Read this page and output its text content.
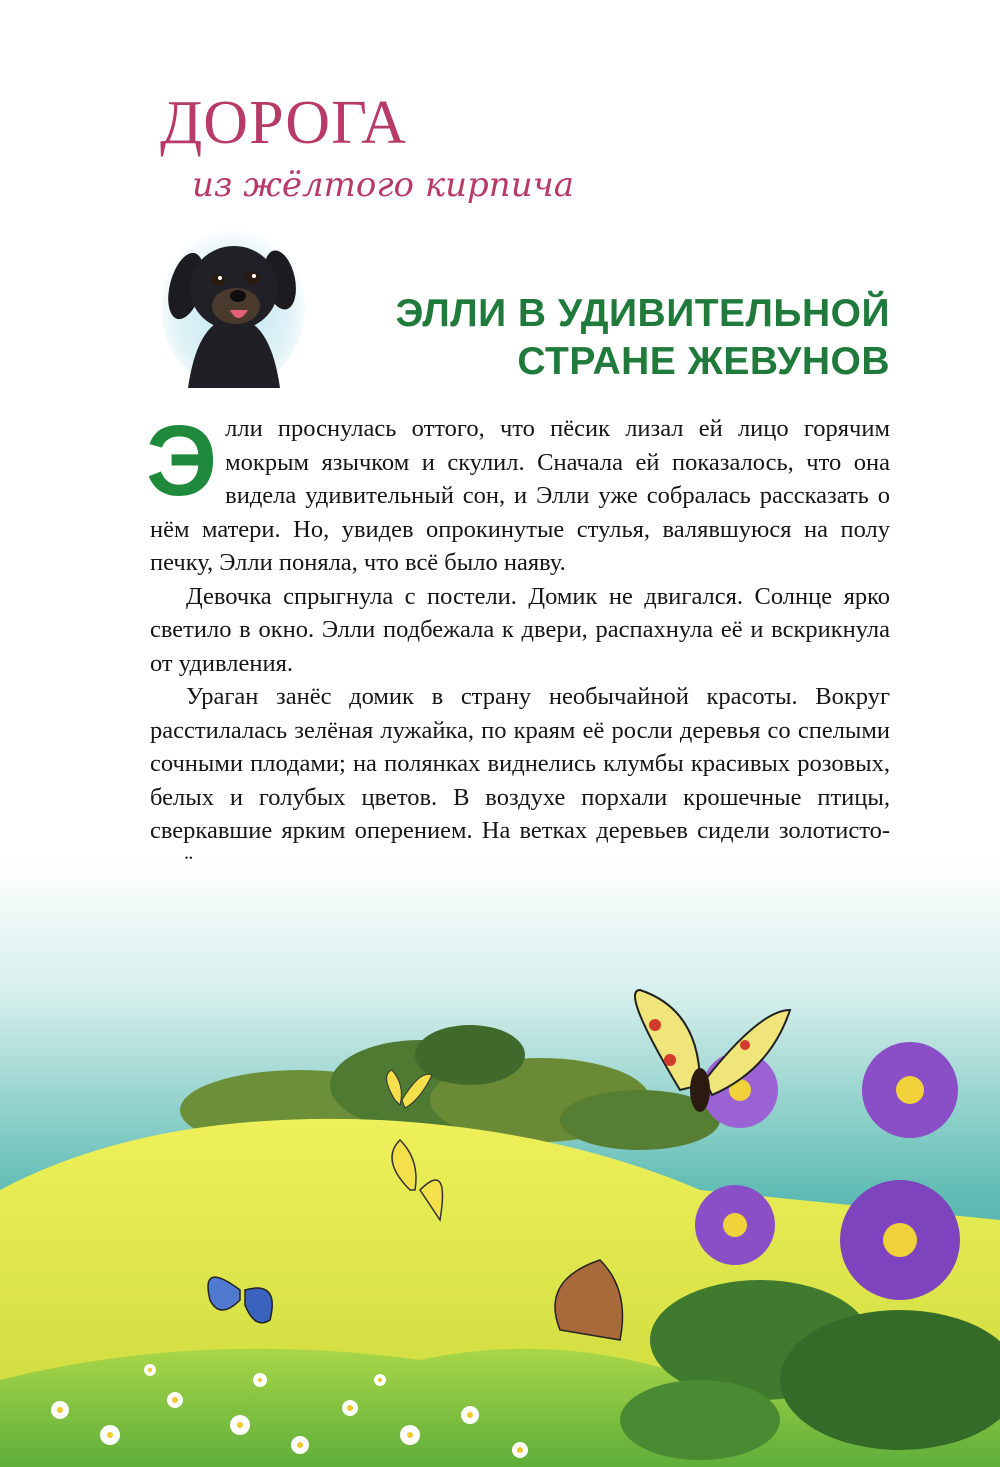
ДОРОГА
из жёлтого кирпича
ЭЛЛИ В УДИВИТЕЛЬНОЙ
СТРАНЕ ЖЕВУНОВ

Элли проснулась оттого, что пёсик лизал ей лицо горячим мокрым язычком и скулил. Сначала ей показалось, что она видела удивительный сон, и Элли уже собралась рассказать о нём матери. Но, увидев опрокинутые стулья, валявшуюся на полу печку, Элли поняла, что всё было наяву.

Девочка спрыгнула с постели. Домик не двигался. Солнце ярко светило в окно. Элли подбежала к двери, распахнула её и вскрикнула от удивления.

Ураган занёс домик в страну необычайной красоты. Вокруг расстилалась зелёная лужайка, по краям её росли деревья со спелыми сочными плодами; на полянках виднелись клумбы красивых розовых, белых и голубых цветов. В воздухе порхали крошечные птицы, сверкавшие ярким оперением. На ветках деревьев сидели золотисто-
